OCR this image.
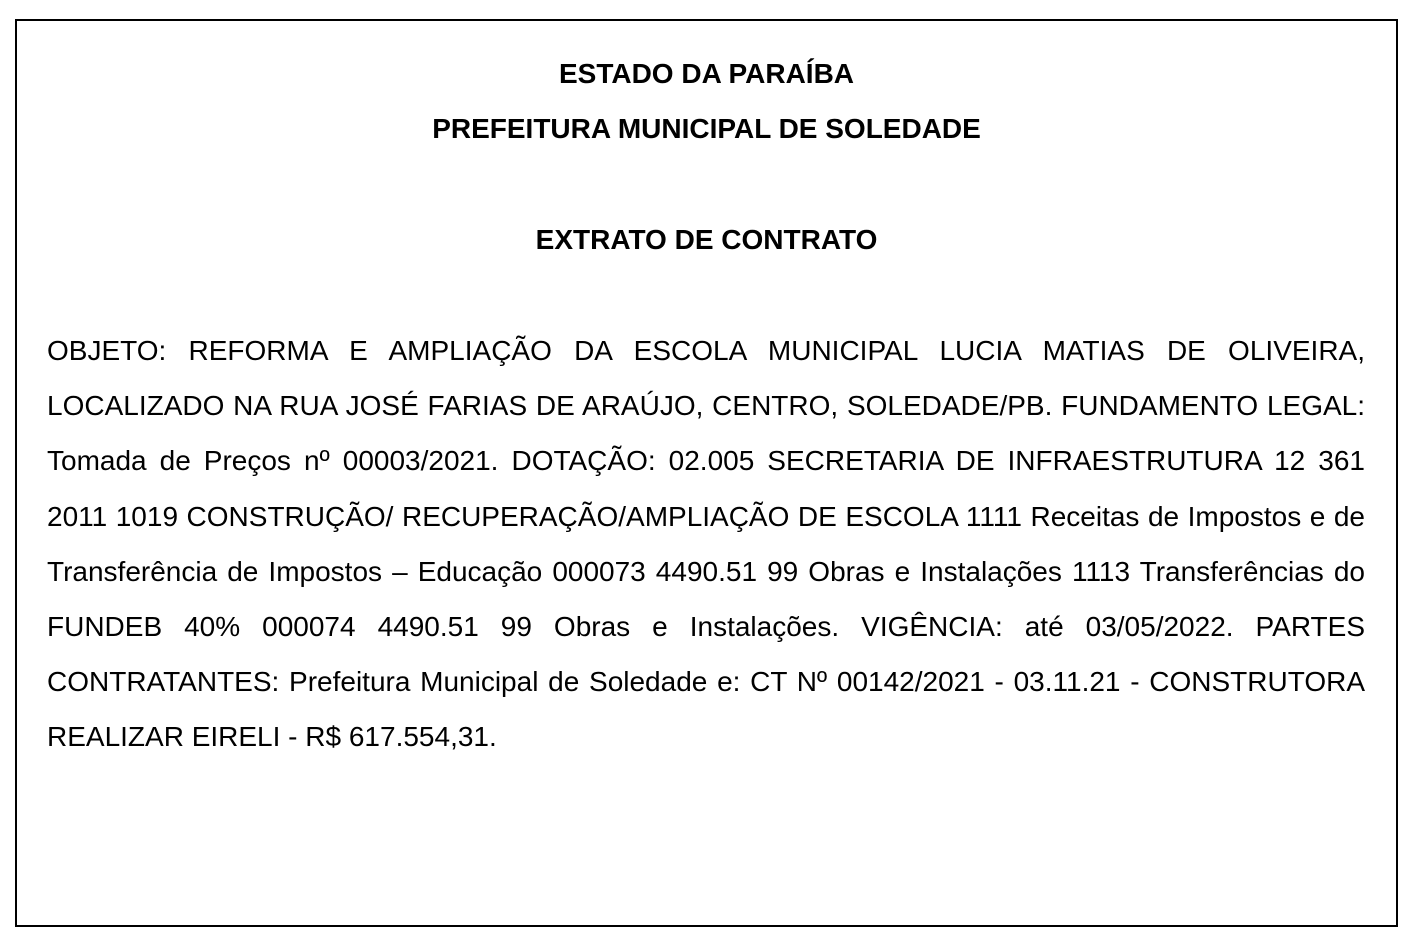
ESTADO DA PARAÍBA
PREFEITURA MUNICIPAL DE SOLEDADE
EXTRATO DE CONTRATO

OBJETO: REFORMA E AMPLIAÇÃO DA ESCOLA MUNICIPAL LUCIA MATIAS DE OLIVEIRA, LOCALIZADO NA RUA JOSÉ FARIAS DE ARAÚJO, CENTRO, SOLEDADE/PB. FUNDAMENTO LEGAL: Tomada de Preços nº 00003/2021. DOTAÇÃO: 02.005 SECRETARIA DE INFRAESTRUTURA 12 361 2011 1019 CONSTRUÇÃO/ RECUPERAÇÃO/AMPLIAÇÃO DE ESCOLA 1111 Receitas de Impostos e de Transferência de Impostos – Educação 000073 4490.51 99 Obras e Instalações 1113 Transferências do FUNDEB 40% 000074 4490.51 99 Obras e Instalações. VIGÊNCIA: até 03/05/2022. PARTES CONTRATANTES: Prefeitura Municipal de Soledade e: CT Nº 00142/2021 - 03.11.21 - CONSTRUTORA REALIZAR EIRELI - R$ 617.554,31.
